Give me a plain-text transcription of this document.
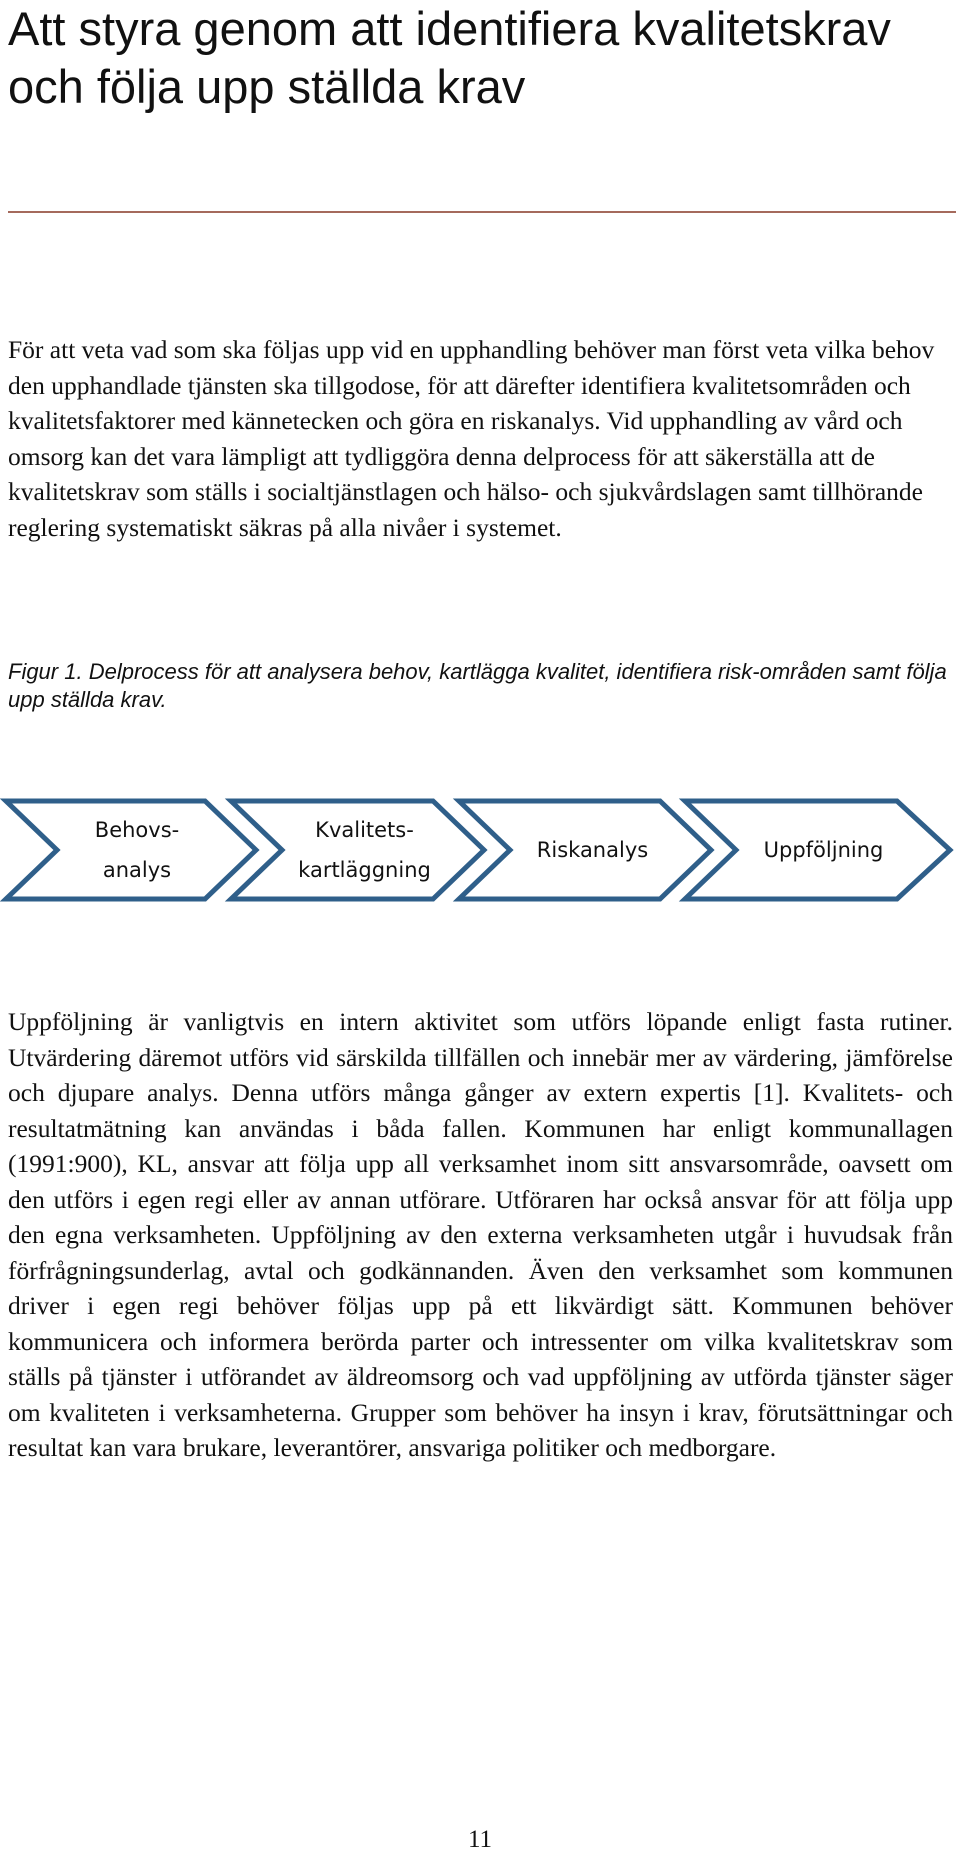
Att styra genom att identifiera kvalitetskrav och följa upp ställda krav

För att veta vad som ska följas upp vid en upphandling behöver man först veta vilka behov den upphandlade tjänsten ska tillgodose, för att därefter identifiera kvalitetsområden och kvalitetsfaktorer med kännetecken och göra en riskanalys. Vid upphandling av vård och omsorg kan det vara lämpligt att tydliggöra denna delprocess för att säkerställa att de kvalitetskrav som ställs i socialtjänstlagen och hälso- och sjukvårdslagen samt tillhörande reglering systematiskt säkras på alla nivåer i systemet.

Figur 1. Delprocess för att analysera behov, kartlägga kvalitet, identifiera risk-områden samt följa upp ställda krav.

Behovs-
analys
Kvalitets-
kartläggning
Riskanalys	Uppföljning

Uppföljning är vanligtvis en intern aktivitet som utförs löpande enligt fasta rutiner. Utvärdering däremot utförs vid särskilda tillfällen och innebär mer av värdering, jämförelse och djupare analys. Denna utförs många gånger av extern expertis [1]. Kvalitets- och resultatmätning kan användas i båda fallen. Kommunen har enligt kommunallagen (1991:900), KL, ansvar att följa upp all verksamhet inom sitt ansvarsområde, oavsett om den utförs i egen regi eller av annan utförare. Utföraren har också ansvar för att följa upp den egna verksamheten. Uppföljning av den externa verksamheten utgår i huvudsak från förfrågningsunderlag, avtal och godkännanden. Även den verksamhet som kommunen driver i egen regi behöver följas upp på ett likvärdigt sätt. Kommunen behöver kommunicera och informera berörda parter och intressenter om vilka kvalitetskrav som ställs på tjänster i utförandet av äldreomsorg och vad uppföljning av utförda tjänster säger om kvaliteten i verksamheterna. Grupper som behöver ha insyn i krav, förutsättningar och resultat kan vara brukare, leverantörer, ansvariga politiker och medborgare.

11
